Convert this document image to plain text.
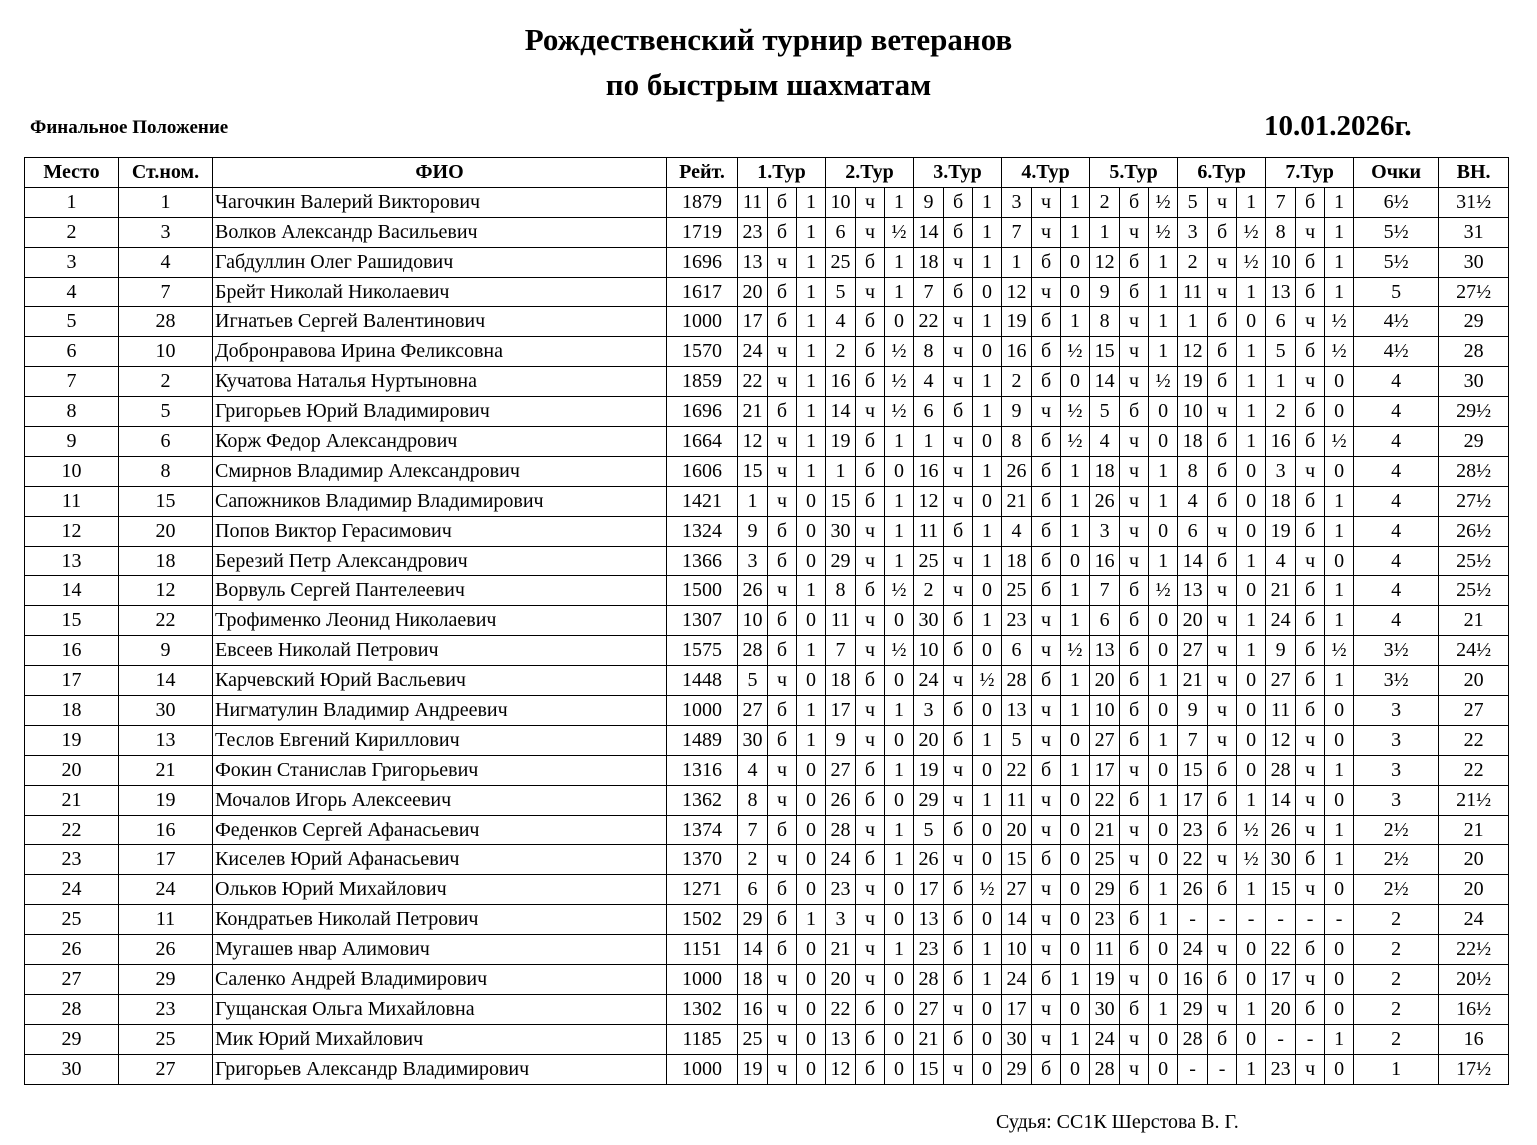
Рождественский турнир ветеранов
по быстрым шахматам
Финальное Положение	10.01.2026г.
Место	Ст.ном.	ФИО	Рейт.	1.Тур			2.Тур			3.Тур			4.Тур			5.Тур			6.Тур			7.Тур			Очки	ВН.
1	1	Чагочкин Валерий Викторович	1879	11	б	1	10	ч	1	9	б	1	3	ч	1	2	б	½	5	ч	1	7	б	1	6½	31½
2	3	Волков Александр Васильевич	1719	23	б	1	6	ч	½	14	б	1	7	ч	1	1	ч	½	3	б	½	8	ч	1	5½	31
3	4	Габдуллин Олег Рашидович	1696	13	ч	1	25	б	1	18	ч	1	1	б	0	12	б	1	2	ч	½	10	б	1	5½	30
4	7	Брейт Николай Николаевич	1617	20	б	1	5	ч	1	7	б	0	12	ч	0	9	б	1	11	ч	1	13	б	1	5	27½
5	28	Игнатьев Сергей Валентинович	1000	17	б	1	4	б	0	22	ч	1	19	б	1	8	ч	1	1	б	0	6	ч	½	4½	29
6	10	Добронравова Ирина Феликсовна	1570	24	ч	1	2	б	½	8	ч	0	16	б	½	15	ч	1	12	б	1	5	б	½	4½	28
7	2	Кучатова Наталья Нуртыновна	1859	22	ч	1	16	б	½	4	ч	1	2	б	0	14	ч	½	19	б	1	1	ч	0	4	30
8	5	Григорьев Юрий Владимирович	1696	21	б	1	14	ч	½	6	б	1	9	ч	½	5	б	0	10	ч	1	2	б	0	4	29½
9	6	Корж Федор Александрович	1664	12	ч	1	19	б	1	1	ч	0	8	б	½	4	ч	0	18	б	1	16	б	½	4	29
10	8	Смирнов Владимир Александрович	1606	15	ч	1	1	б	0	16	ч	1	26	б	1	18	ч	1	8	б	0	3	ч	0	4	28½
11	15	Сапожников Владимир Владимирович	1421	1	ч	0	15	б	1	12	ч	0	21	б	1	26	ч	1	4	б	0	18	б	1	4	27½
12	20	Попов Виктор Герасимович	1324	9	б	0	30	ч	1	11	б	1	4	б	1	3	ч	0	6	ч	0	19	б	1	4	26½
13	18	Березий Петр Александрович	1366	3	б	0	29	ч	1	25	ч	1	18	б	0	16	ч	1	14	б	1	4	ч	0	4	25½
14	12	Ворвуль Сергей Пантелеевич	1500	26	ч	1	8	б	½	2	ч	0	25	б	1	7	б	½	13	ч	0	21	б	1	4	25½
15	22	Трофименко Леонид Николаевич	1307	10	б	0	11	ч	0	30	б	1	23	ч	1	6	б	0	20	ч	1	24	б	1	4	21
16	9	Евсеев Николай Петрович	1575	28	б	1	7	ч	½	10	б	0	6	ч	½	13	б	0	27	ч	1	9	б	½	3½	24½
17	14	Карчевский Юрий Васльевич	1448	5	ч	0	18	б	0	24	ч	½	28	б	1	20	б	1	21	ч	0	27	б	1	3½	20
18	30	Нигматулин Владимир Андреевич	1000	27	б	1	17	ч	1	3	б	0	13	ч	1	10	б	0	9	ч	0	11	б	0	3	27
19	13	Теслов Евгений Кириллович	1489	30	б	1	9	ч	0	20	б	1	5	ч	0	27	б	1	7	ч	0	12	ч	0	3	22
20	21	Фокин Станислав Григорьевич	1316	4	ч	0	27	б	1	19	ч	0	22	б	1	17	ч	0	15	б	0	28	ч	1	3	22
21	19	Мочалов Игорь Алексеевич	1362	8	ч	0	26	б	0	29	ч	1	11	ч	0	22	б	1	17	б	1	14	ч	0	3	21½
22	16	Феденков Сергей Афанасьевич	1374	7	б	0	28	ч	1	5	б	0	20	ч	0	21	ч	0	23	б	½	26	ч	1	2½	21
23	17	Киселев Юрий Афанасьевич	1370	2	ч	0	24	б	1	26	ч	0	15	б	0	25	ч	0	22	ч	½	30	б	1	2½	20
24	24	Ольков Юрий Михайлович	1271	6	б	0	23	ч	0	17	б	½	27	ч	0	29	б	1	26	б	1	15	ч	0	2½	20
25	11	Кондратьев Николай Петрович	1502	29	б	1	3	ч	0	13	б	0	14	ч	0	23	б	1	-	-	-	-	-	-	2	24
26	26	Мугашев нвар Алимович	1151	14	б	0	21	ч	1	23	б	1	10	ч	0	11	б	0	24	ч	0	22	б	0	2	22½
27	29	Саленко Андрей Владимирович	1000	18	ч	0	20	ч	0	28	б	1	24	б	1	19	ч	0	16	б	0	17	ч	0	2	20½
28	23	Гущанская Ольга Михайловна	1302	16	ч	0	22	б	0	27	ч	0	17	ч	0	30	б	1	29	ч	1	20	б	0	2	16½
29	25	Мик Юрий Михайлович	1185	25	ч	0	13	б	0	21	б	0	30	ч	1	24	ч	0	28	б	0	-	-	1	2	16
30	27	Григорьев Александр Владимирович	1000	19	ч	0	12	б	0	15	ч	0	29	б	0	28	ч	0	-	-	1	23	ч	0	1	17½
Судья: СС1К Шерстова В. Г.
